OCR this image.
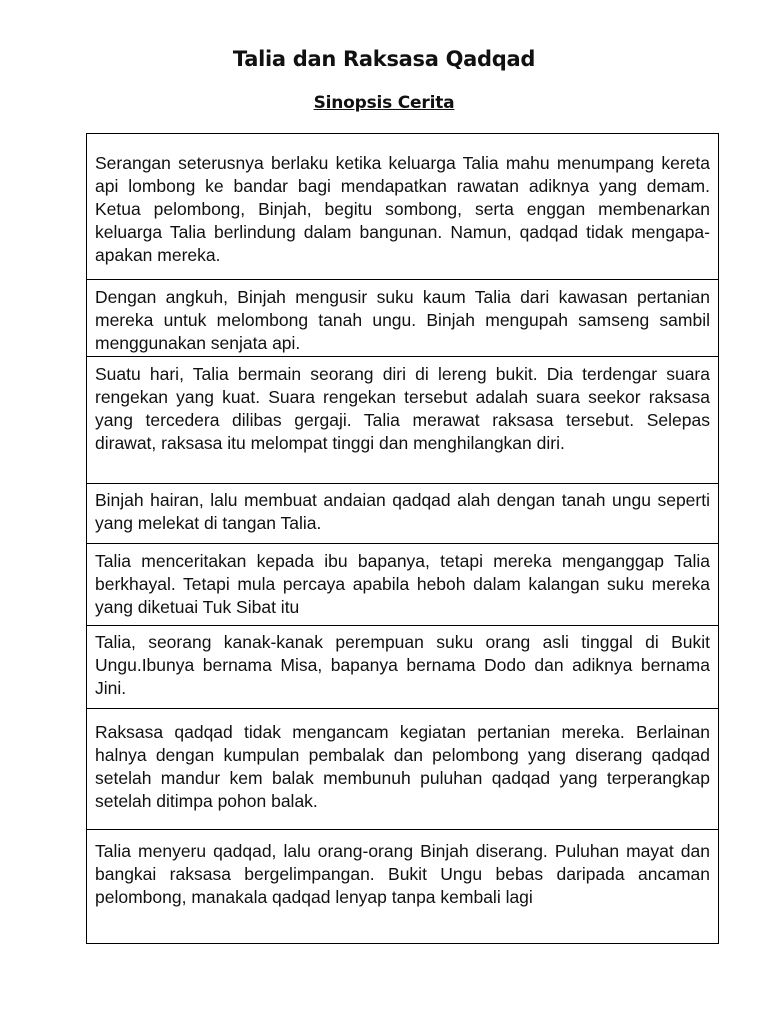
Talia dan Raksasa Qadqad
Sinopsis Cerita

Serangan seterusnya berlaku ketika keluarga Talia mahu menumpang kereta api lombong ke bandar bagi mendapatkan rawatan adiknya yang demam. Ketua pelombong, Binjah, begitu sombong, serta enggan membenarkan keluarga Talia berlindung dalam bangunan. Namun, qadqad tidak mengapa-apakan mereka.

Dengan angkuh, Binjah mengusir suku kaum Talia dari kawasan pertanian mereka untuk melombong tanah ungu. Binjah mengupah samseng sambil menggunakan senjata api.

Suatu hari, Talia bermain seorang diri di lereng bukit. Dia terdengar suara rengekan yang kuat. Suara rengekan tersebut adalah suara seekor raksasa yang tercedera dilibas gergaji. Talia merawat raksasa tersebut. Selepas dirawat, raksasa itu melompat tinggi dan menghilangkan diri.

Binjah hairan, lalu membuat andaian qadqad alah dengan tanah ungu seperti yang melekat di tangan Talia.

Talia menceritakan kepada ibu bapanya, tetapi mereka menganggap Talia berkhayal. Tetapi mula percaya apabila heboh dalam kalangan suku mereka yang diketuai Tuk Sibat itu

Talia, seorang kanak-kanak perempuan suku orang asli tinggal di Bukit Ungu.Ibunya bernama Misa, bapanya bernama Dodo dan adiknya bernama Jini.

Raksasa qadqad tidak mengancam kegiatan pertanian mereka. Berlainan halnya dengan kumpulan pembalak dan pelombong yang diserang qadqad setelah mandur kem balak membunuh puluhan qadqad yang terperangkap setelah ditimpa pohon balak.

Talia menyeru qadqad, lalu orang-orang Binjah diserang. Puluhan mayat dan bangkai raksasa bergelimpangan. Bukit Ungu bebas daripada ancaman pelombong, manakala qadqad lenyap tanpa kembali lagi
